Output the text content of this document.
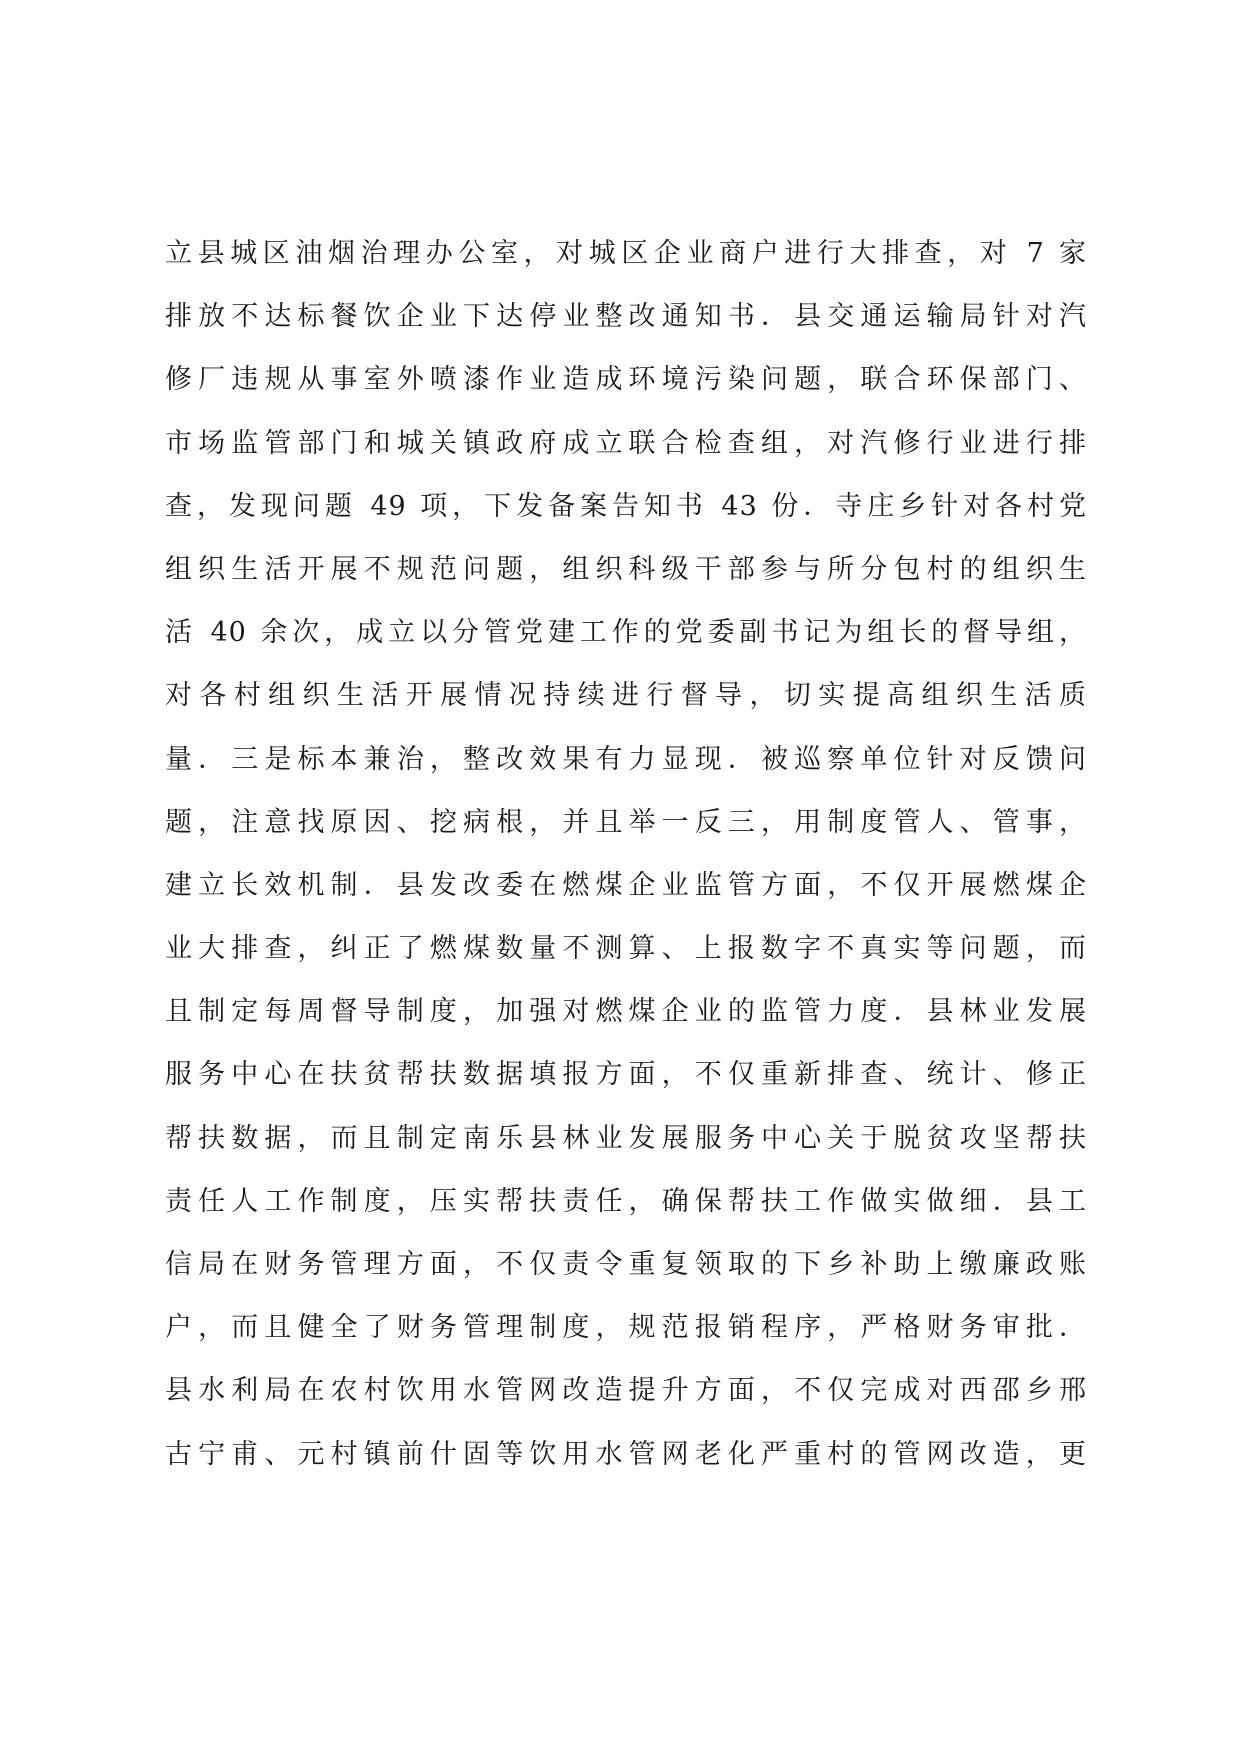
立县城区油烟治理办公室，对城区企业商户进行大排查，对 7 家
排放不达标餐饮企业下达停业整改通知书．县交通运输局针对汽
修厂违规从事室外喷漆作业造成环境污染问题，联合环保部门、
市场监管部门和城关镇政府成立联合检查组，对汽修行业进行排
查，发现问题 49 项，下发备案告知书 43 份．寺庄乡针对各村党
组织生活开展不规范问题，组织科级干部参与所分包村的组织生
活 40 余次，成立以分管党建工作的党委副书记为组长的督导组，
对各村组织生活开展情况持续进行督导，切实提高组织生活质
量．三是标本兼治，整改效果有力显现．被巡察单位针对反馈问
题，注意找原因、挖病根，并且举一反三，用制度管人、管事，
建立长效机制．县发改委在燃煤企业监管方面，不仅开展燃煤企
业大排查，纠正了燃煤数量不测算、上报数字不真实等问题，而
且制定每周督导制度，加强对燃煤企业的监管力度．县林业发展
服务中心在扶贫帮扶数据填报方面，不仅重新排查、统计、修正
帮扶数据，而且制定南乐县林业发展服务中心关于脱贫攻坚帮扶
责任人工作制度，压实帮扶责任，确保帮扶工作做实做细．县工
信局在财务管理方面，不仅责令重复领取的下乡补助上缴廉政账
户，而且健全了财务管理制度，规范报销程序，严格财务审批．
县水利局在农村饮用水管网改造提升方面，不仅完成对西邵乡邢
古宁甫、元村镇前什固等饮用水管网老化严重村的管网改造，更
